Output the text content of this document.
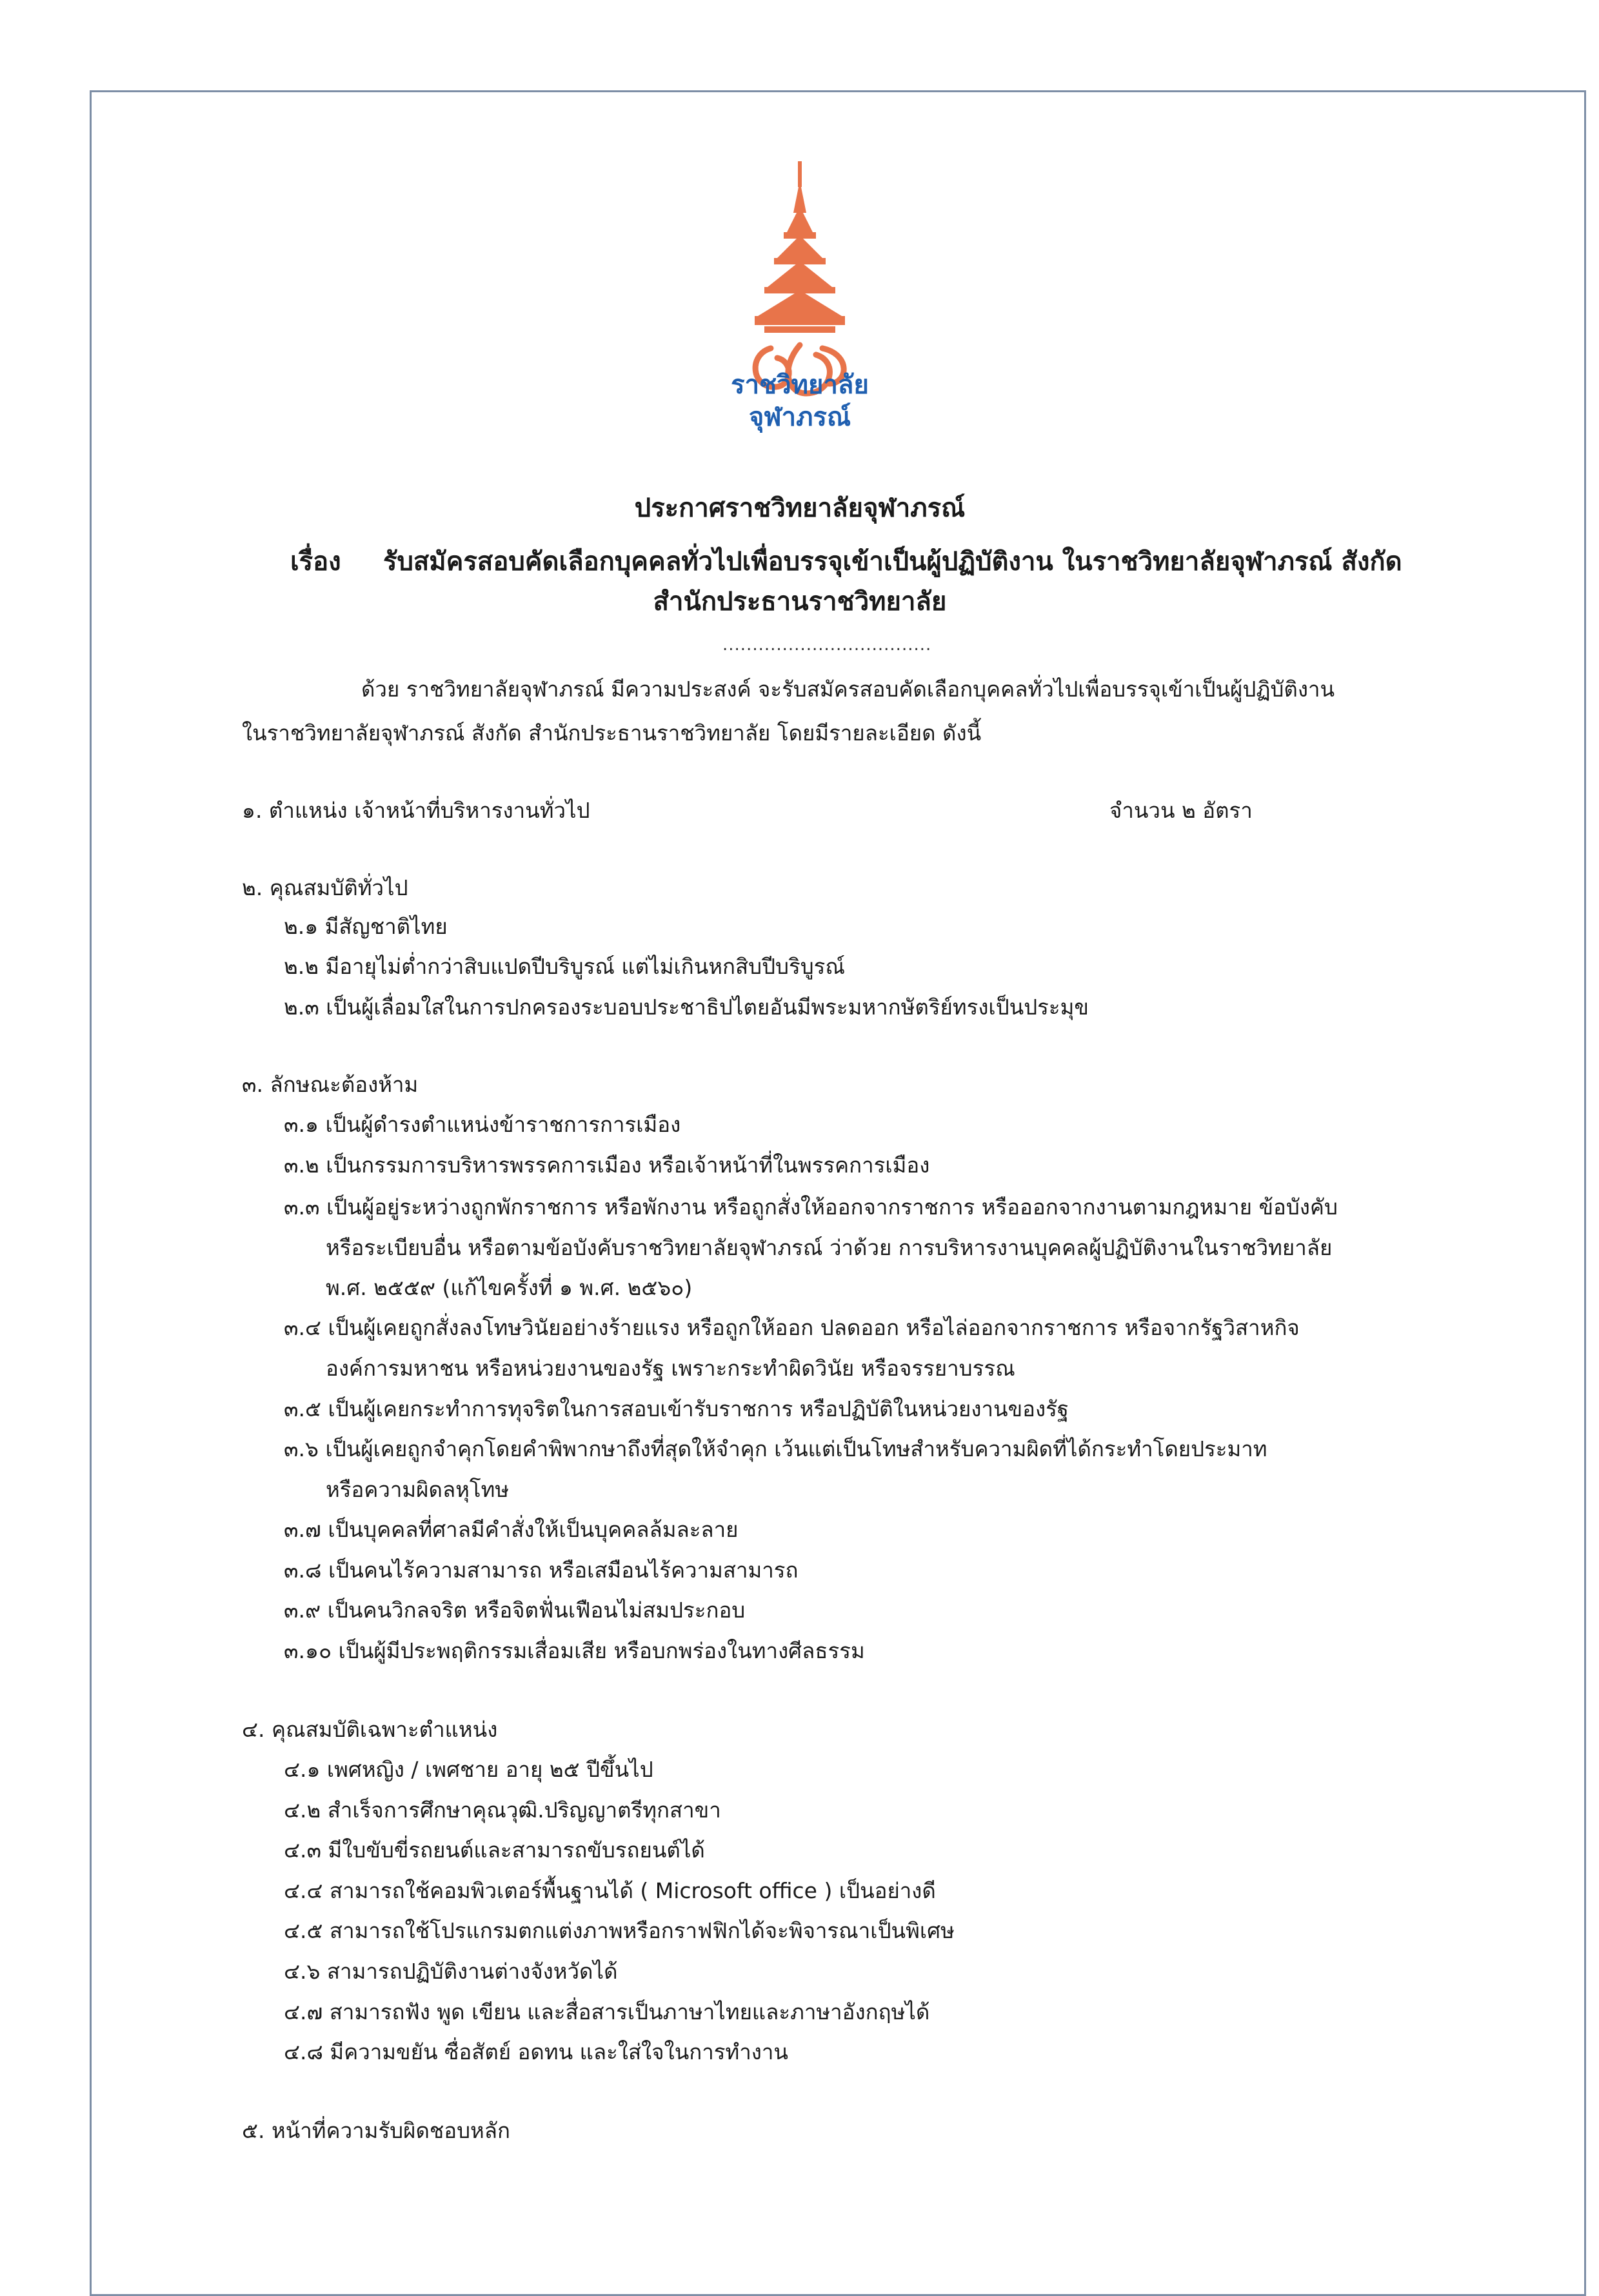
ราชวิทยาลัย
จุฬาภรณ์
ประกาศราชวิทยาลัยจุฬาภรณ์
เรื่อง รับสมัครสอบคัดเลือกบุคคลทั่วไปเพื่อบรรจุเข้าเป็นผู้ปฏิบัติงาน ในราชวิทยาลัยจุฬาภรณ์ สังกัด
สำนักประธานราชวิทยาลัย
...................................
ด้วย ราชวิทยาลัยจุฬาภรณ์ มีความประสงค์ จะรับสมัครสอบคัดเลือกบุคคลทั่วไปเพื่อบรรจุเข้าเป็นผู้ปฏิบัติงาน
ในราชวิทยาลัยจุฬาภรณ์ สังกัด สำนักประธานราชวิทยาลัย โดยมีรายละเอียด ดังนี้
๑. ตำแหน่ง เจ้าหน้าที่บริหารงานทั่วไป	จำนวน ๒ อัตรา
๒. คุณสมบัติทั่วไป
๒.๑ มีสัญชาติไทย
๒.๒ มีอายุไม่ต่ำกว่าสิบแปดปีบริบูรณ์ แต่ไม่เกินหกสิบปีบริบูรณ์
๒.๓ เป็นผู้เลื่อมใสในการปกครองระบอบประชาธิปไตยอันมีพระมหากษัตริย์ทรงเป็นประมุข
๓. ลักษณะต้องห้าม
๓.๑ เป็นผู้ดำรงตำแหน่งข้าราชการการเมือง
๓.๒ เป็นกรรมการบริหารพรรคการเมือง หรือเจ้าหน้าที่ในพรรคการเมือง
๓.๓ เป็นผู้อยู่ระหว่างถูกพักราชการ หรือพักงาน หรือถูกสั่งให้ออกจากราชการ หรือออกจากงานตามกฎหมาย ข้อบังคับ
หรือระเบียบอื่น หรือตามข้อบังคับราชวิทยาลัยจุฬาภรณ์ ว่าด้วย การบริหารงานบุคคลผู้ปฏิบัติงานในราชวิทยาลัย
พ.ศ. ๒๕๕๙ (แก้ไขครั้งที่ ๑ พ.ศ. ๒๕๖๐)
๓.๔ เป็นผู้เคยถูกสั่งลงโทษวินัยอย่างร้ายแรง หรือถูกให้ออก ปลดออก หรือไล่ออกจากราชการ หรือจากรัฐวิสาหกิจ
องค์การมหาชน หรือหน่วยงานของรัฐ เพราะกระทำผิดวินัย หรือจรรยาบรรณ
๓.๕ เป็นผู้เคยกระทำการทุจริตในการสอบเข้ารับราชการ หรือปฏิบัติในหน่วยงานของรัฐ
๓.๖ เป็นผู้เคยถูกจำคุกโดยคำพิพากษาถึงที่สุดให้จำคุก เว้นแต่เป็นโทษสำหรับความผิดที่ได้กระทำโดยประมาท
หรือความผิดลหุโทษ
๓.๗ เป็นบุคคลที่ศาลมีคำสั่งให้เป็นบุคคลล้มละลาย
๓.๘ เป็นคนไร้ความสามารถ หรือเสมือนไร้ความสามารถ
๓.๙ เป็นคนวิกลจริต หรือจิตฟั่นเฟือนไม่สมประกอบ
๓.๑๐ เป็นผู้มีประพฤติกรรมเสื่อมเสีย หรือบกพร่องในทางศีลธรรม
๔. คุณสมบัติเฉพาะตำแหน่ง
๔.๑ เพศหญิง / เพศชาย อายุ ๒๕ ปีขึ้นไป
๔.๒ สำเร็จการศึกษาคุณวุฒิ.ปริญญาตรีทุกสาขา
๔.๓ มีใบขับขี่รถยนต์และสามารถขับรถยนต์ได้
๔.๔ สามารถใช้คอมพิวเตอร์พื้นฐานได้ ( Microsoft office ) เป็นอย่างดี
๔.๕ สามารถใช้โปรแกรมตกแต่งภาพหรือกราฟฟิกได้จะพิจารณาเป็นพิเศษ
๔.๖ สามารถปฏิบัติงานต่างจังหวัดได้
๔.๗ สามารถฟัง พูด เขียน และสื่อสารเป็นภาษาไทยและภาษาอังกฤษได้
๔.๘ มีความขยัน ซื่อสัตย์ อดทน และใส่ใจในการทำงาน
๕. หน้าที่ความรับผิดชอบหลัก
